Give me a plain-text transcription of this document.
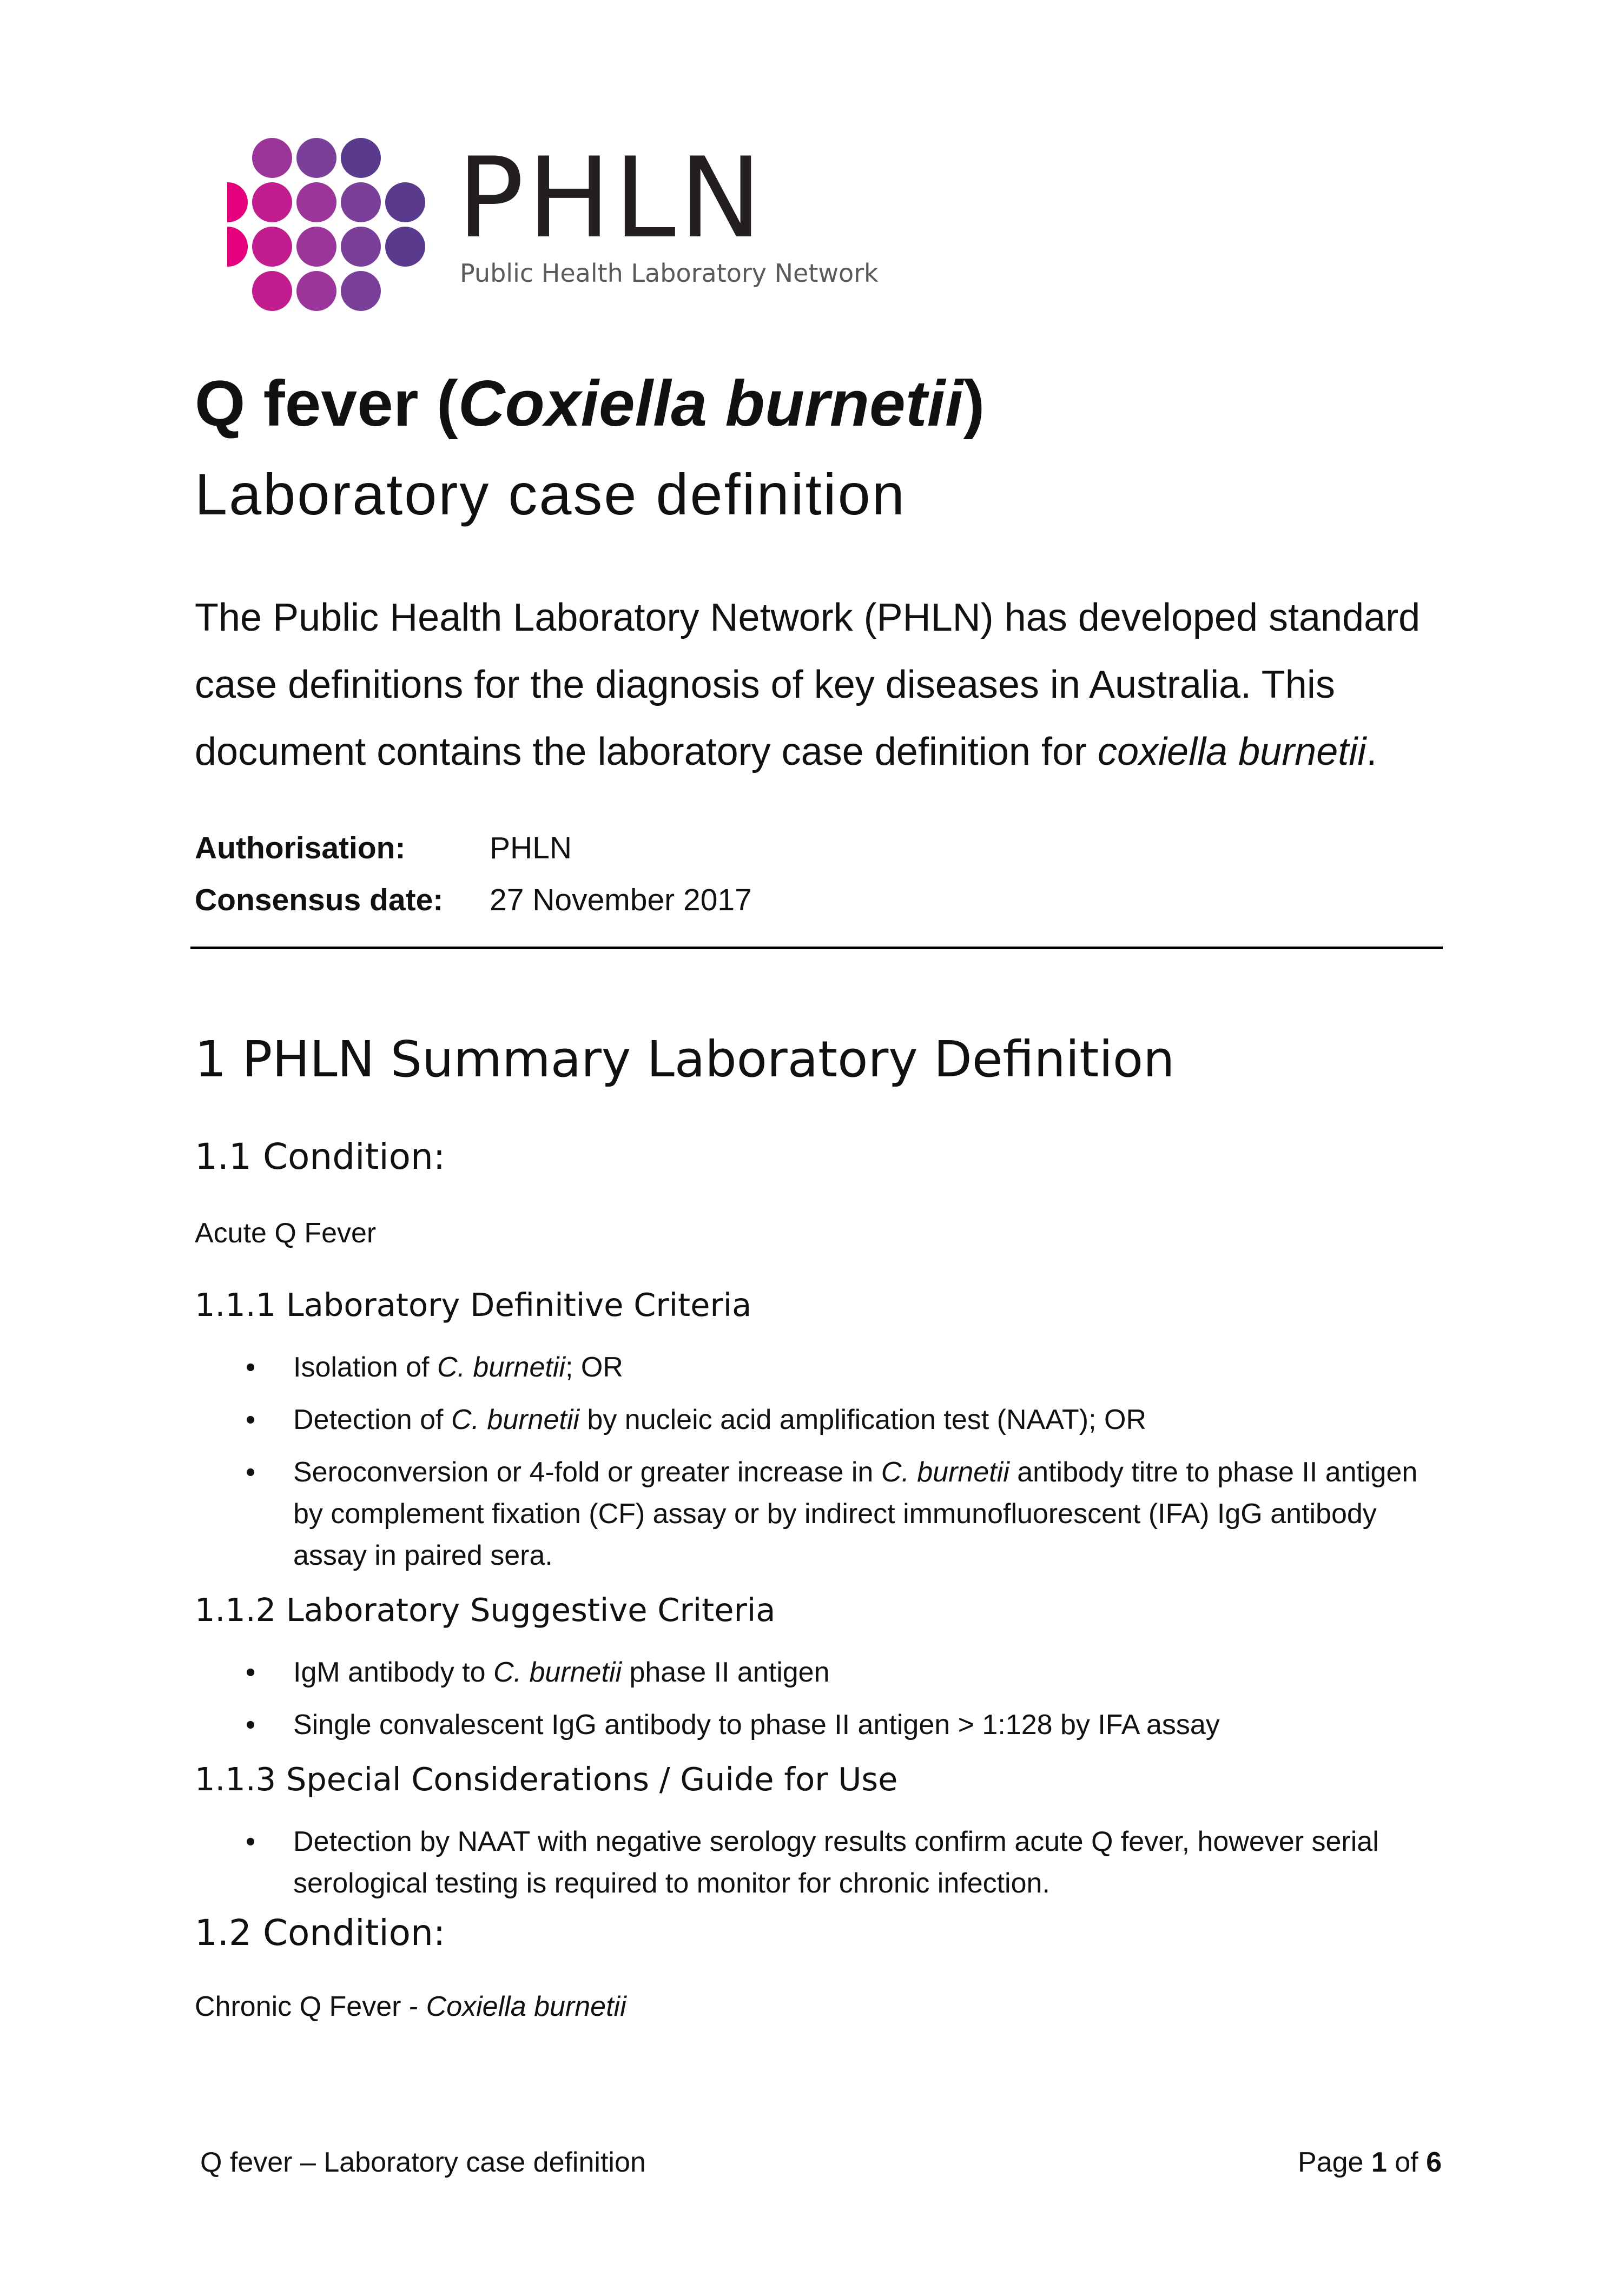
PHLN
Public Health Laboratory Network
Q fever (Coxiella burnetii)
Laboratory case definition
The Public Health Laboratory Network (PHLN) has developed standard case definitions for the diagnosis of key diseases in Australia. This document contains the laboratory case definition for coxiella burnetii.
Authorisation:	PHLN
Consensus date:	27 November 2017
1 PHLN Summary Laboratory Definition
1.1 Condition:
Acute Q Fever
1.1.1 Laboratory Definitive Criteria
• Isolation of C. burnetii; OR
• Detection of C. burnetii by nucleic acid amplification test (NAAT); OR
• Seroconversion or 4-fold or greater increase in C. burnetii antibody titre to phase II antigen by complement fixation (CF) assay or by indirect immunofluorescent (IFA) IgG antibody assay in paired sera.
1.1.2 Laboratory Suggestive Criteria
• IgM antibody to C. burnetii phase II antigen
• Single convalescent IgG antibody to phase II antigen > 1:128 by IFA assay
1.1.3 Special Considerations / Guide for Use
• Detection by NAAT with negative serology results confirm acute Q fever, however serial serological testing is required to monitor for chronic infection.
1.2 Condition:
Chronic Q Fever - Coxiella burnetii
Q fever – Laboratory case definition	Page 1 of 6
